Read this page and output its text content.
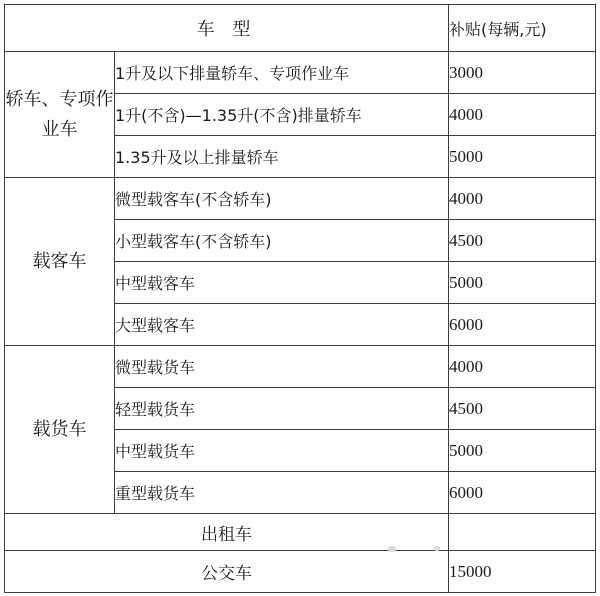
车 型		补贴(每辆,元)
轿车、专项作业车	1升及以下排量轿车、专项作业车	3000
	1升(不含)—1.35升(不含)排量轿车	4000
	1.35升及以上排量轿车	5000
载客车	微型载客车(不含轿车)	4000
	小型载客车(不含轿车)	4500
	中型载客车	5000
	大型载客车	6000
载货车	微型载货车	4000
	轻型载货车	4500
	中型载货车	5000
	重型载货车	6000
出租车		
公交车		15000
